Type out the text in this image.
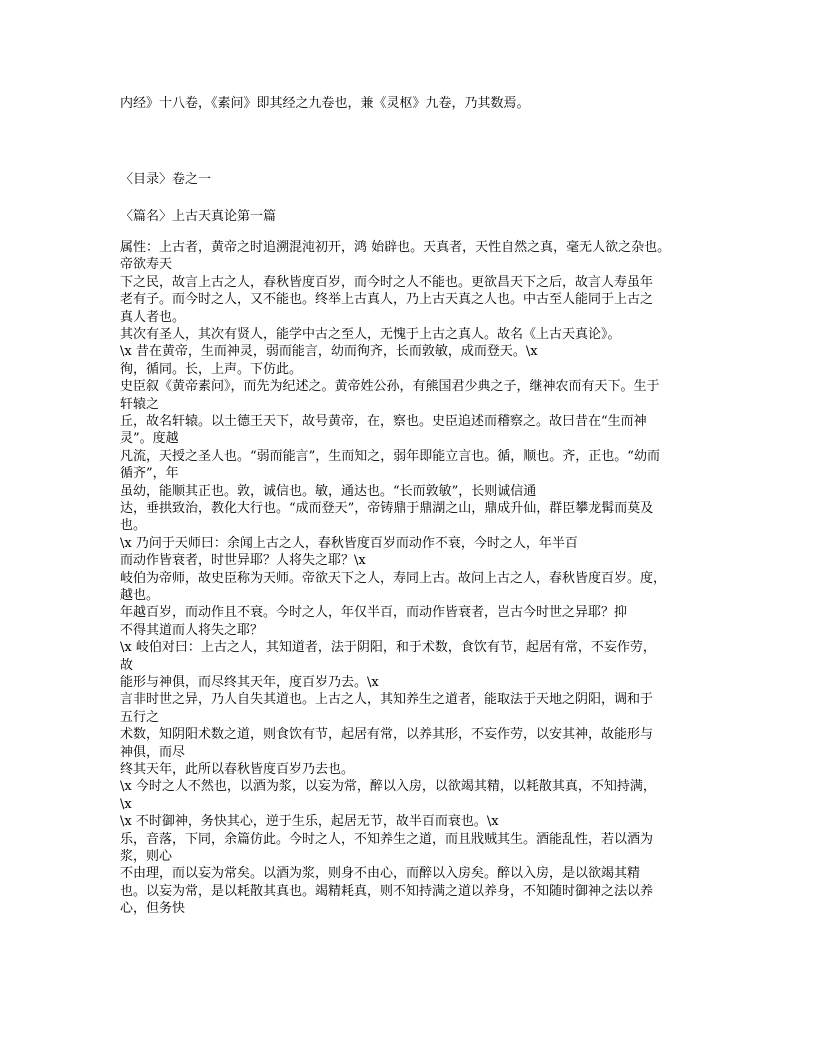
内经》十八卷，《素问》即其经之九卷也，兼《灵枢》九卷，乃其数焉。
〈目录〉卷之一
〈篇名〉上古天真论第一篇
属性：上古者，黄帝之时追溯混沌初开，鸿 始辟也。天真者，天性自然之真，毫无人欲之杂也。
帝欲寿天
下之民，故言上古之人，春秋皆度百岁，而今时之人不能也。更欲昌天下之后，故言人寿虽年
老有子。而今时之人，又不能也。终举上古真人，乃上古天真之人也。中古至人能同于上古之
真人者也。
其次有圣人，其次有贤人，能学中古之至人，无愧于上古之真人。故名《上古天真论》。
\x 昔在黄帝，生而神灵，弱而能言，幼而徇齐，长而敦敏，成而登天。\x
徇，循同。长，上声。下仿此。
史臣叙《黄帝素问》，而先为纪述之。黄帝姓公孙，有熊国君少典之子，继神农而有天下。生于
轩辕之
丘，故名轩辕。以土德王天下，故号黄帝，在，察也。史臣追述而稽察之。故曰昔在“生而神
灵”。度越
凡流，天授之圣人也。“弱而能言”，生而知之，弱年即能立言也。循，顺也。齐，正也。“幼而
循齐”，年
虽幼，能顺其正也。敦，诚信也。敏，通达也。“长而敦敏”，长则诚信通
达，垂拱致治，教化大行也。“成而登天”，帝铸鼎于鼎湖之山，鼎成升仙，群臣攀龙髯而莫及
也。
\x 乃问于天师曰：余闻上古之人，春秋皆度百岁而动作不衰，今时之人，年半百
而动作皆衰者，时世异耶？人将失之耶？\x
岐伯为帝师，故史臣称为天师。帝欲天下之人，寿同上古。故问上古之人，春秋皆度百岁。度，
越也。
年越百岁，而动作且不衰。今时之人，年仅半百，而动作皆衰者，岂古今时世之异耶？抑
不得其道而人将失之耶？
\x 岐伯对曰：上古之人，其知道者，法于阴阳，和于术数，食饮有节，起居有常，不妄作劳，
故
能形与神俱，而尽终其天年，度百岁乃去。\x
言非时世之异，乃人自失其道也。上古之人，其知养生之道者，能取法于天地之阴阳，调和于
五行之
术数，知阴阳术数之道，则食饮有节，起居有常，以养其形，不妄作劳，以安其神，故能形与
神俱，而尽
终其天年，此所以春秋皆度百岁乃去也。
\x 今时之人不然也，以酒为浆，以妄为常，醉以入房，以欲竭其精，以耗散其真，不知持满，
\x
\x 不时御神，务快其心，逆于生乐，起居无节，故半百而衰也。\x
乐，音落，下同，余篇仿此。今时之人，不知养生之道，而且戕贼其生。酒能乱性，若以酒为
浆，则心
不由理，而以妄为常矣。以酒为浆，则身不由心，而醉以入房矣。醉以入房，是以欲竭其精
也。以妄为常，是以耗散其真也。竭精耗真，则不知持满之道以养身，不知随时御神之法以养
心，但务快
